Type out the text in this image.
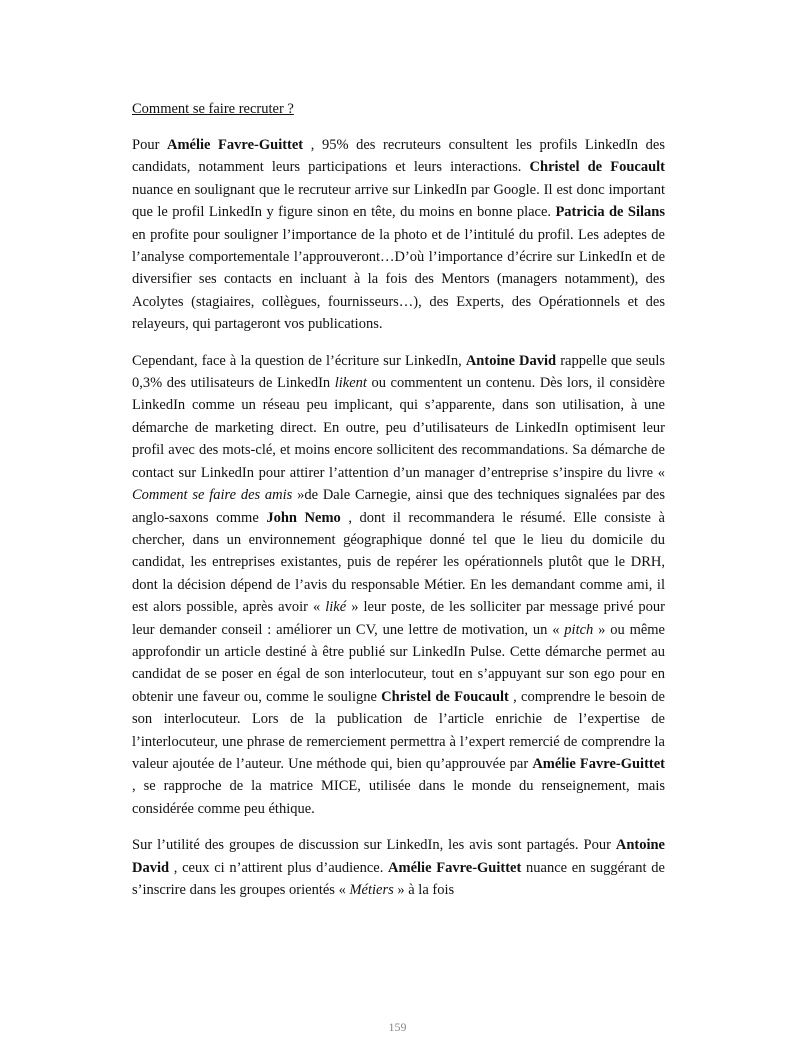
Comment se faire recruter ?

Pour Amélie Favre-Guittet , 95% des recruteurs consultent les profils LinkedIn des candidats, notamment leurs participations et leurs interactions. Christel de Foucault nuance en soulignant que le recruteur arrive sur LinkedIn par Google. Il est donc important que le profil LinkedIn y figure sinon en tête, du moins en bonne place. Patricia de Silans en profite pour souligner l’importance de la photo et de l’intitulé du profil. Les adeptes de l’analyse comportementale l’approuveront…D’où l’importance d’écrire sur LinkedIn et de diversifier ses contacts en incluant à la fois des Mentors (managers notamment), des Acolytes (stagiaires, collègues, fournisseurs…), des Experts, des Opérationnels et des relayeurs, qui partageront vos publications.

Cependant, face à la question de l’écriture sur LinkedIn, Antoine David rappelle que seuls 0,3% des utilisateurs de LinkedIn likent ou commentent un contenu. Dès lors, il considère LinkedIn comme un réseau peu implicant, qui s’apparente, dans son utilisation, à une démarche de marketing direct. En outre, peu d’utilisateurs de LinkedIn optimisent leur profil avec des mots-clé, et moins encore sollicitent des recommandations. Sa démarche de contact sur LinkedIn pour attirer l’attention d’un manager d’entreprise s’inspire du livre « Comment se faire des amis »de Dale Carnegie, ainsi que des techniques signalées par des anglo-saxons comme John Nemo , dont il recommandera le résumé. Elle consiste à chercher, dans un environnement géographique donné tel que le lieu du domicile du candidat, les entreprises existantes, puis de repérer les opérationnels plutôt que le DRH, dont la décision dépend de l’avis du responsable Métier. En les demandant comme ami, il est alors possible, après avoir « liké » leur poste, de les solliciter par message privé pour leur demander conseil : améliorer un CV, une lettre de motivation, un « pitch » ou même approfondir un article destiné à être publié sur LinkedIn Pulse. Cette démarche permet au candidat de se poser en égal de son interlocuteur, tout en s’appuyant sur son ego pour en obtenir une faveur ou, comme le souligne Christel de Foucault , comprendre le besoin de son interlocuteur. Lors de la publication de l’article enrichie de l’expertise de l’interlocuteur, une phrase de remerciement permettra à l’expert remercié de comprendre la valeur ajoutée de l’auteur. Une méthode qui, bien qu’approuvée par Amélie Favre-Guittet , se rapproche de la matrice MICE, utilisée dans le monde du renseignement, mais considérée comme peu éthique.

Sur l’utilité des groupes de discussion sur LinkedIn, les avis sont partagés. Pour Antoine David , ceux ci n’attirent plus d’audience. Amélie Favre-Guittet nuance en suggérant de s’inscrire dans les groupes orientés « Métiers » à la fois

159
